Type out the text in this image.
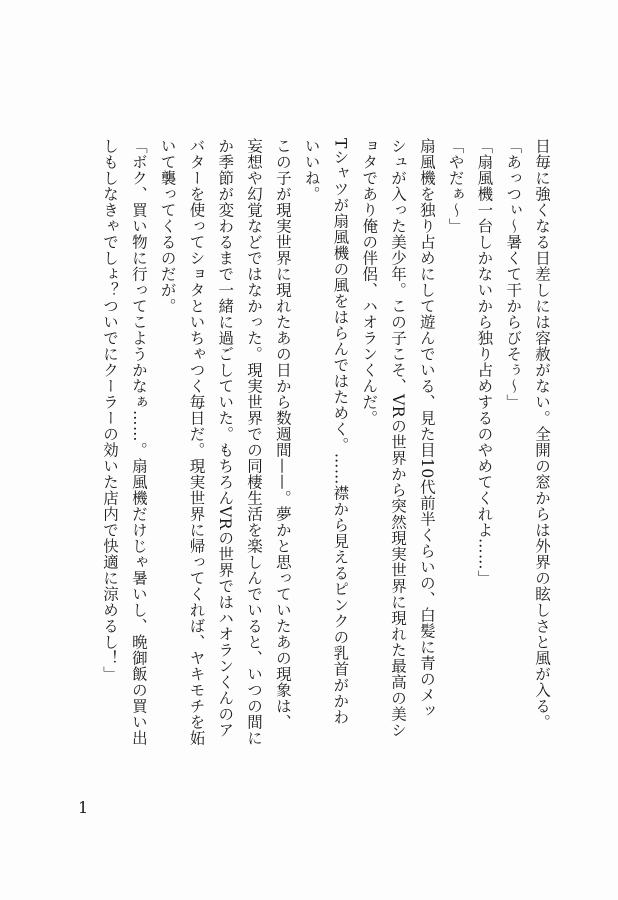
日毎に強くなる日差しには容赦がない。全開の窓からは外界の眩しさと風が入る。
「あっつぃ〜暑くて干からびそぅ〜」
「扇風機一台しかないから独り占めするのやめてくれよ……」
「やだぁ〜」
扇風機を独り占めにして遊んでいる、見た目10代前半くらいの、白髪に青のメッ
シュが入った美少年。この子こそ、VRの世界から突然現実世界に現れた最高の美シ
ョタであり俺の伴侶、ハオランくんだ。
Tシャツが扇風機の風をはらんではためく。……襟から見えるピンクの乳首がかわ
いいね。
この子が現実世界に現れたあの日から数週間——。夢かと思っていたあの現象は、
妄想や幻覚などではなかった。現実世界での同棲生活を楽しんでいると、いつの間に
か季節が変わるまで一緒に過ごしていた。もちろんVRの世界ではハオランくんのア
バターを使ってショタといちゃつく毎日だ。現実世界に帰ってくれば、ヤキモチを妬
いて襲ってくるのだが。
「ボク、買い物に行ってこようかなぁ……。扇風機だけじゃ暑いし、晩御飯の買い出
しもしなきゃでしょ？ついでにクーラーの効いた店内で快適に涼めるし！」
1
